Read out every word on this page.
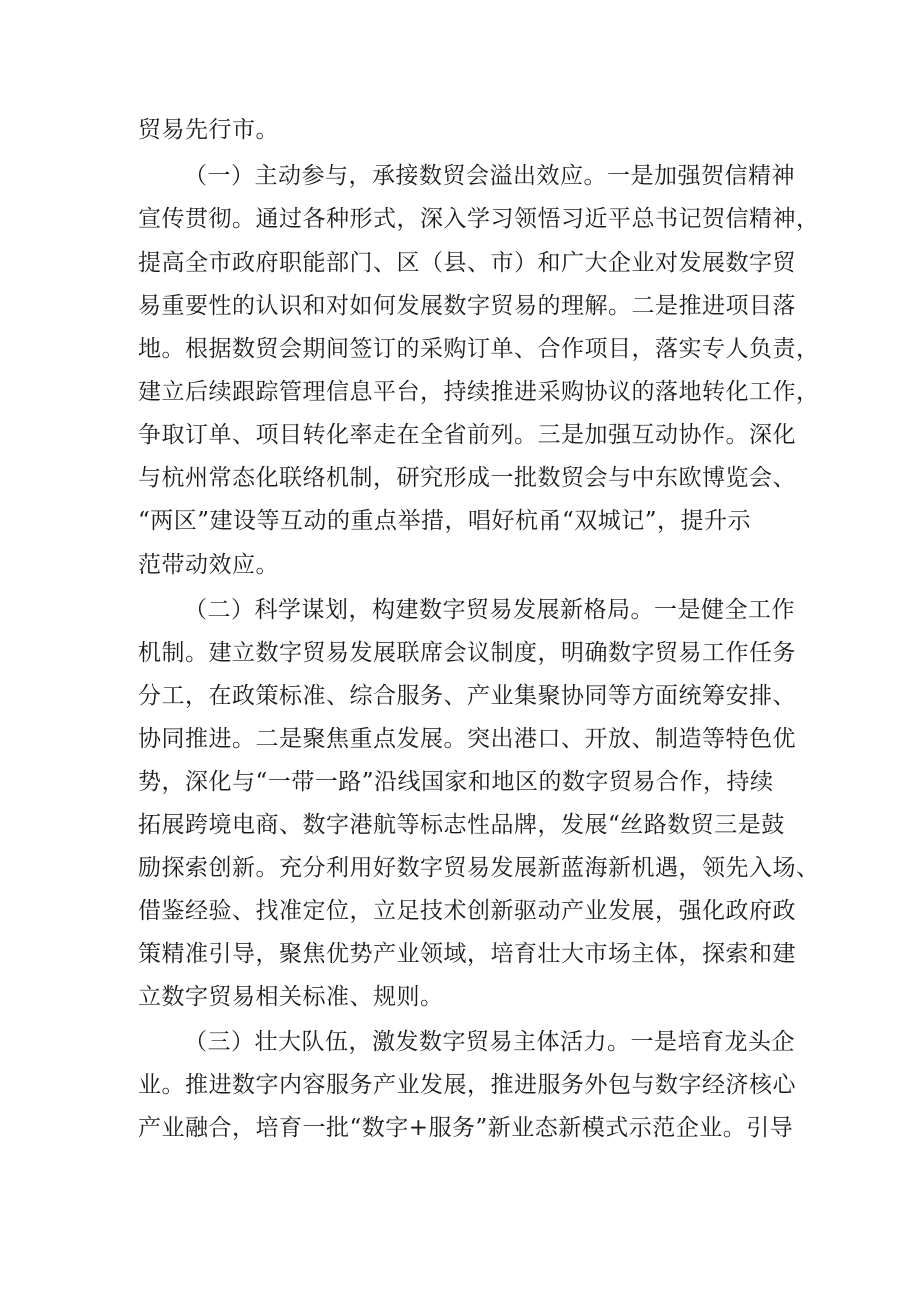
贸易先行市。
（一）主动参与，承接数贸会溢出效应。一是加强贺信精神
宣传贯彻。通过各种形式，深入学习领悟习近平总书记贺信精神，
提高全市政府职能部门、区（县、市）和广大企业对发展数字贸
易重要性的认识和对如何发展数字贸易的理解。二是推进项目落
地。根据数贸会期间签订的采购订单、合作项目，落实专人负责，
建立后续跟踪管理信息平台，持续推进采购协议的落地转化工作，
争取订单、项目转化率走在全省前列。三是加强互动协作。深化
与杭州常态化联络机制，研究形成一批数贸会与中东欧博览会、
“两区”建设等互动的重点举措，唱好杭甬“双城记”，提升示
范带动效应。
（二）科学谋划，构建数字贸易发展新格局。一是健全工作
机制。建立数字贸易发展联席会议制度，明确数字贸易工作任务
分工，在政策标准、综合服务、产业集聚协同等方面统筹安排、
协同推进。二是聚焦重点发展。突出港口、开放、制造等特色优
势，深化与“一带一路”沿线国家和地区的数字贸易合作，持续
拓展跨境电商、数字港航等标志性品牌，发展“丝路数贸三是鼓
励探索创新。充分利用好数字贸易发展新蓝海新机遇，领先入场、
借鉴经验、找准定位，立足技术创新驱动产业发展，强化政府政
策精准引导，聚焦优势产业领域，培育壮大市场主体，探索和建
立数字贸易相关标准、规则。
（三）壮大队伍，激发数字贸易主体活力。一是培育龙头企
业。推进数字内容服务产业发展，推进服务外包与数字经济核心
产业融合，培育一批“数字+服务”新业态新模式示范企业。引导
